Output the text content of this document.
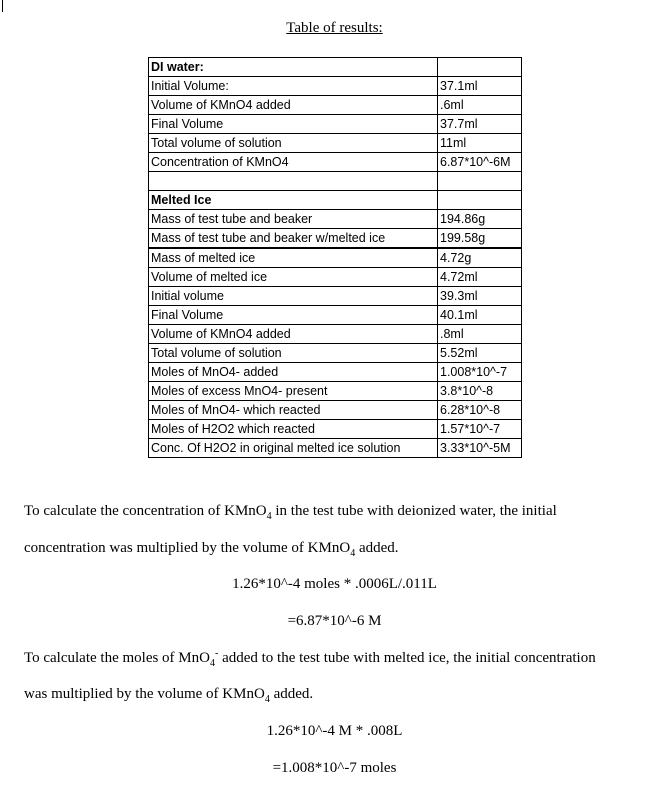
Table of results:
DI water:	
Initial Volume:	37.1ml
Volume of KMnO4 added	.6ml
Final Volume	37.7ml
Total volume of solution	11ml
Concentration of KMnO4	6.87*10^-6M

Melted Ice	
Mass of test tube and beaker	194.86g
Mass of test tube and beaker w/melted ice	199.58g
Mass of melted ice	4.72g
Volume of melted ice	4.72ml
Initial volume	39.3ml
Final Volume	40.1ml
Volume of KMnO4 added	.8ml
Total volume of solution	5.52ml
Moles of MnO4- added	1.008*10^-7
Moles of excess MnO4- present	3.8*10^-8
Moles of MnO4- which reacted	6.28*10^-8
Moles of H2O2 which reacted	1.57*10^-7
Conc. Of H2O2 in original melted ice solution	3.33*10^-5M
To calculate the concentration of KMnO$_4$ in the test tube with deionized water, the initial
concentration was multiplied by the volume of KMnO$_4$ added.
1.26*10^-4 moles * .0006L/.011L
=6.87*10^-6 M
To calculate the moles of MnO$_4$- added to the test tube with melted ice, the initial concentration
was multiplied by the volume of KMnO$_4$ added.
1.26*10^-4 M * .008L
=1.008*10^-7 moles
